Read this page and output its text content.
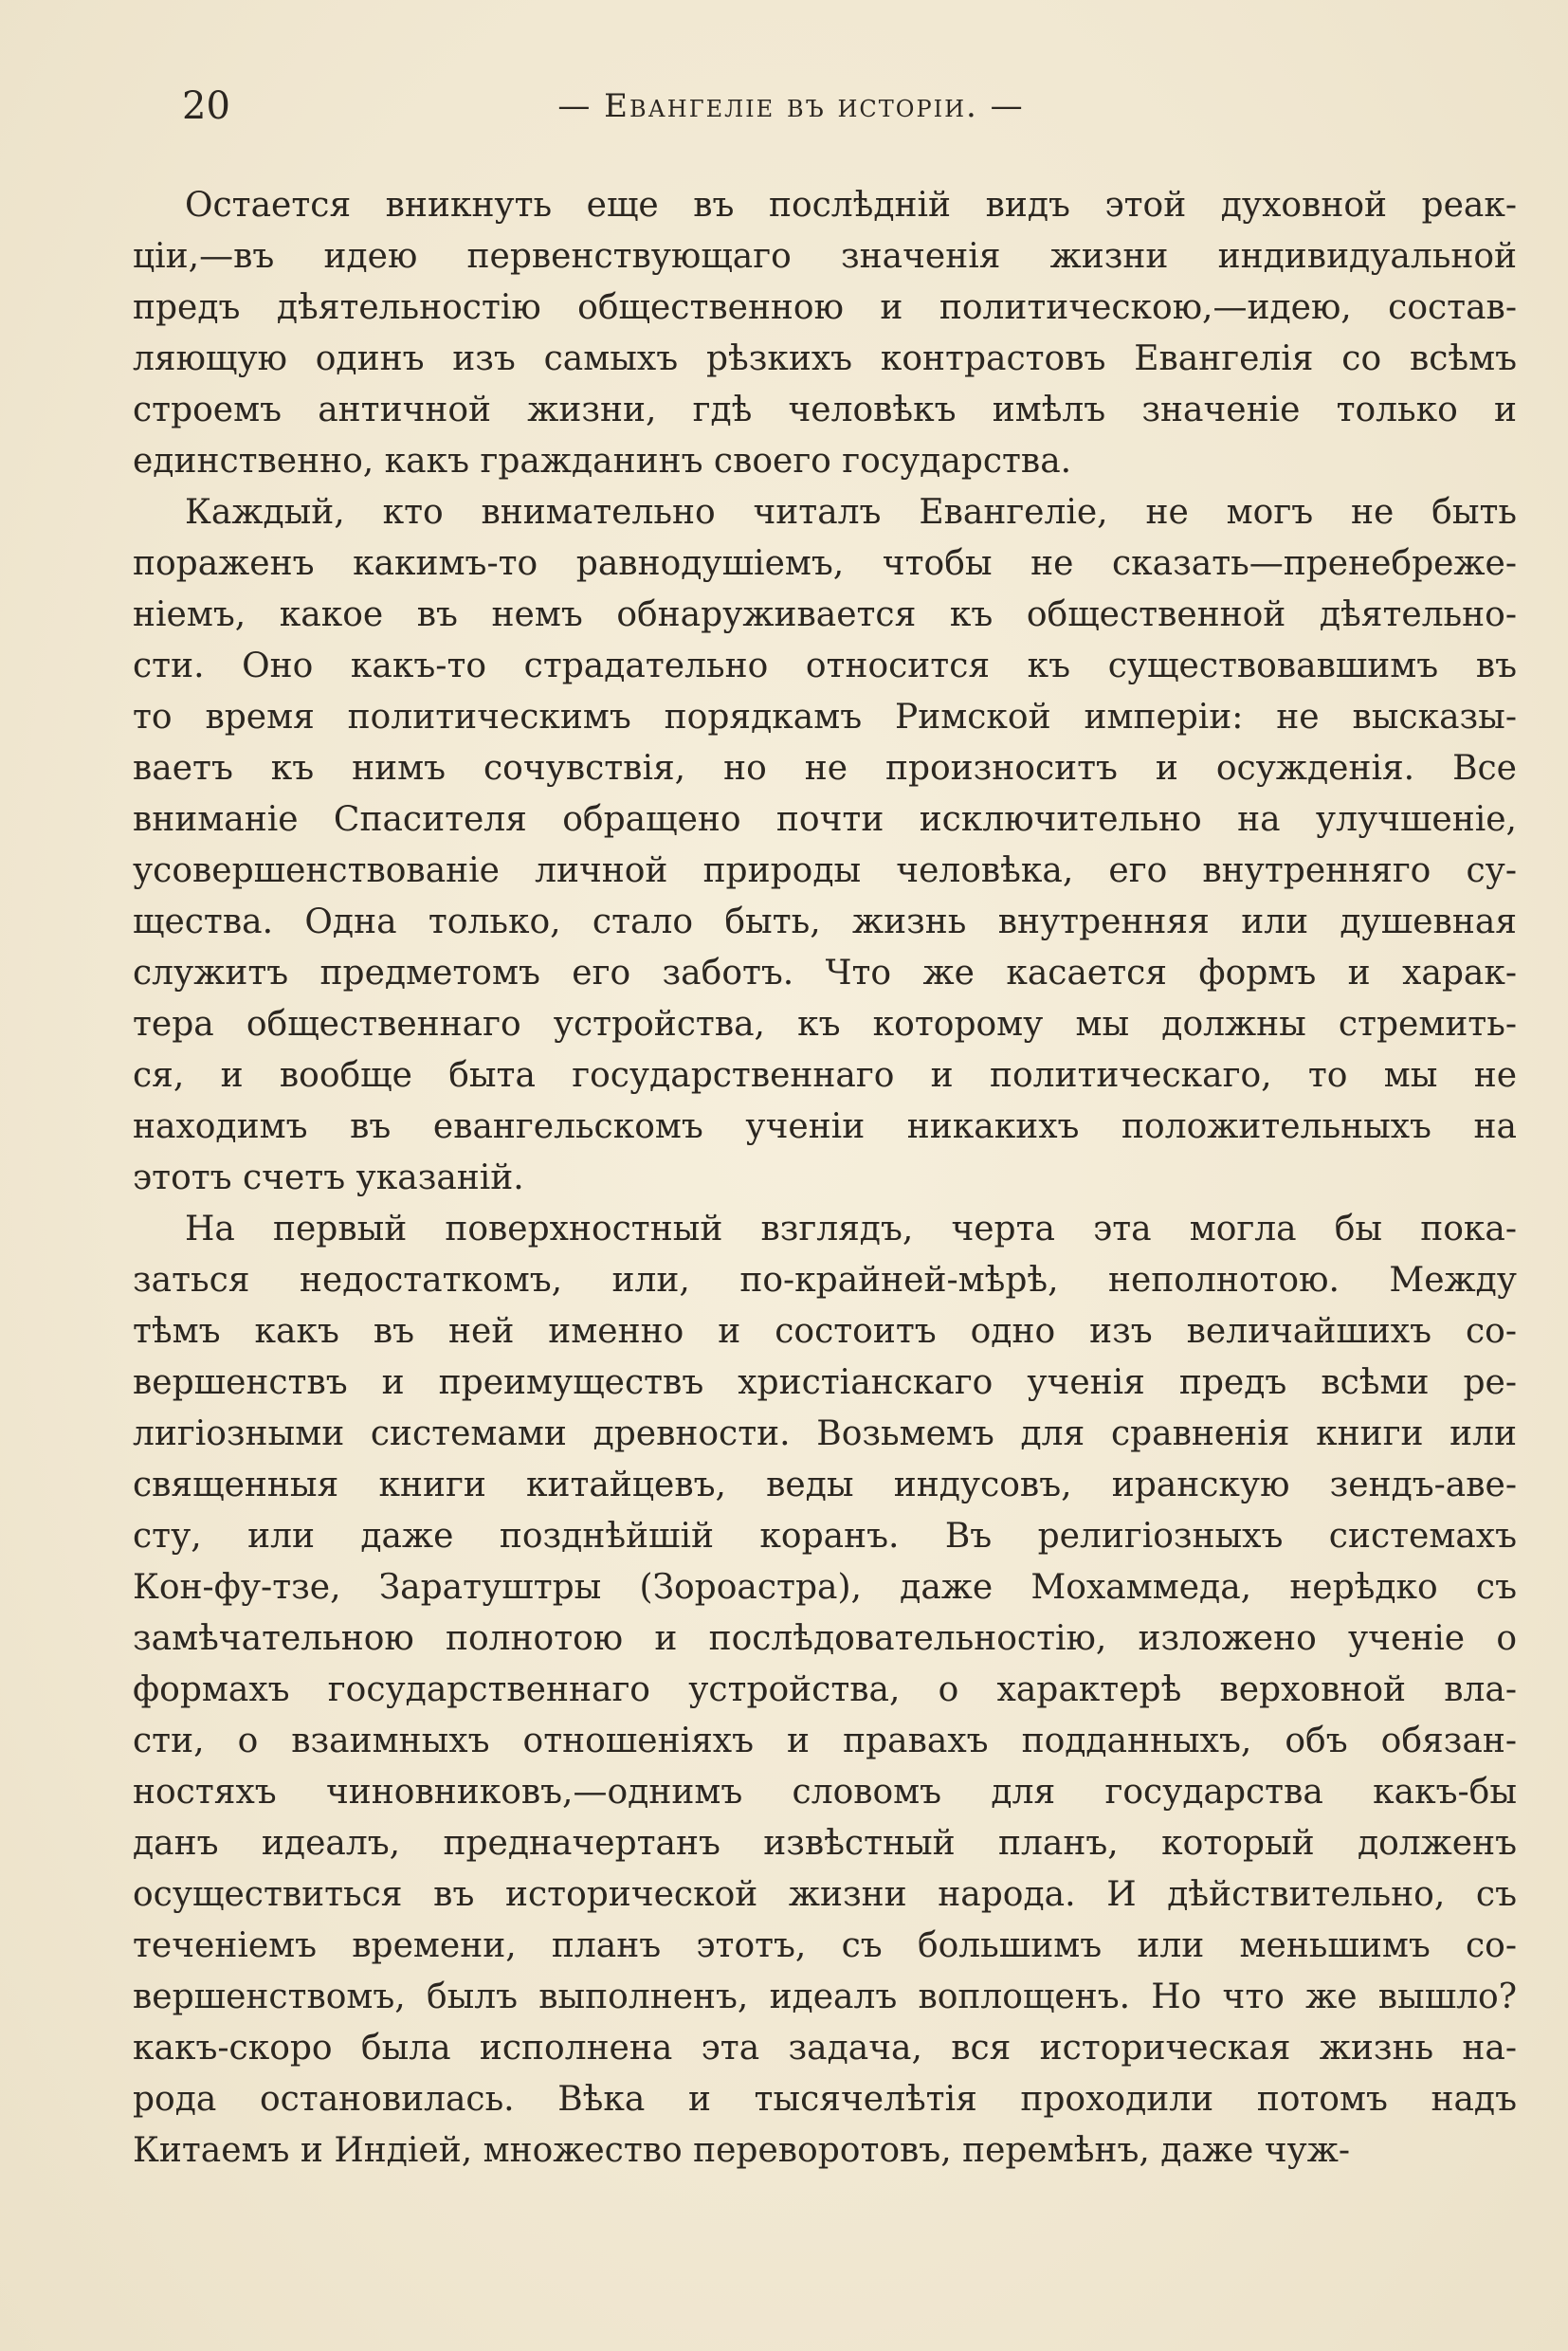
20	— Евангеліе въ исторіи. —
Остается вникнуть еще въ послѣдній видъ этой духовной реак-
ціи,—въ идею первенствующаго значенія жизни индивидуальной
предъ дѣятельностію общественною и политическою,—идею, состав-
ляющую одинъ изъ самыхъ рѣзкихъ контрастовъ Евангелія со всѣмъ
строемъ античной жизни, гдѣ человѣкъ имѣлъ значеніе только и
единственно, какъ гражданинъ своего государства.
Каждый, кто внимательно читалъ Евангеліе, не могъ не быть
пораженъ какимъ-то равнодушіемъ, чтобы не сказать—пренебреже-
ніемъ, какое въ немъ обнаруживается къ общественной дѣятельно-
сти. Оно какъ-то страдательно относится къ существовавшимъ въ
то время политическимъ порядкамъ Римской имперіи: не высказы-
ваетъ къ нимъ сочувствія, но не произноситъ и осужденія. Все
вниманіе Спасителя обращено почти исключительно на улучшеніе,
усовершенствованіе личной природы человѣка, его внутренняго су-
щества. Одна только, стало быть, жизнь внутренняя или душевная
служитъ предметомъ его заботъ. Что же касается формъ и харак-
тера общественнаго устройства, къ которому мы должны стремить-
ся, и вообще быта государственнаго и политическаго, то мы не
находимъ въ евангельскомъ ученіи никакихъ положительныхъ на
этотъ счетъ указаній.
На первый поверхностный взглядъ, черта эта могла бы пока-
заться недостаткомъ, или, по-крайней-мѣрѣ, неполнотою. Между
тѣмъ какъ въ ней именно и состоитъ одно изъ величайшихъ со-
вершенствъ и преимуществъ христіанскаго ученія предъ всѣми ре-
лигіозными системами древности. Возьмемъ для сравненія книги или
священныя книги китайцевъ, веды индусовъ, иранскую зендъ-аве-
сту, или даже позднѣйшій коранъ. Въ религіозныхъ системахъ
Кон-фу-тзе, Заратуштры (Зороастра), даже Мохаммеда, нерѣдко съ
замѣчательною полнотою и послѣдовательностію, изложено ученіе о
формахъ государственнаго устройства, о характерѣ верховной вла-
сти, о взаимныхъ отношеніяхъ и правахъ подданныхъ, объ обязан-
ностяхъ чиновниковъ,—однимъ словомъ для государства какъ-бы
данъ идеалъ, предначертанъ извѣстный планъ, который долженъ
осуществиться въ исторической жизни народа. И дѣйствительно, съ
теченіемъ времени, планъ этотъ, съ большимъ или меньшимъ со-
вершенствомъ, былъ выполненъ, идеалъ воплощенъ. Но что же вышло?
какъ-скоро была исполнена эта задача, вся историческая жизнь на-
рода остановилась. Вѣка и тысячелѣтія проходили потомъ надъ
Китаемъ и Индіей, множество переворотовъ, перемѣнъ, даже чуж-
